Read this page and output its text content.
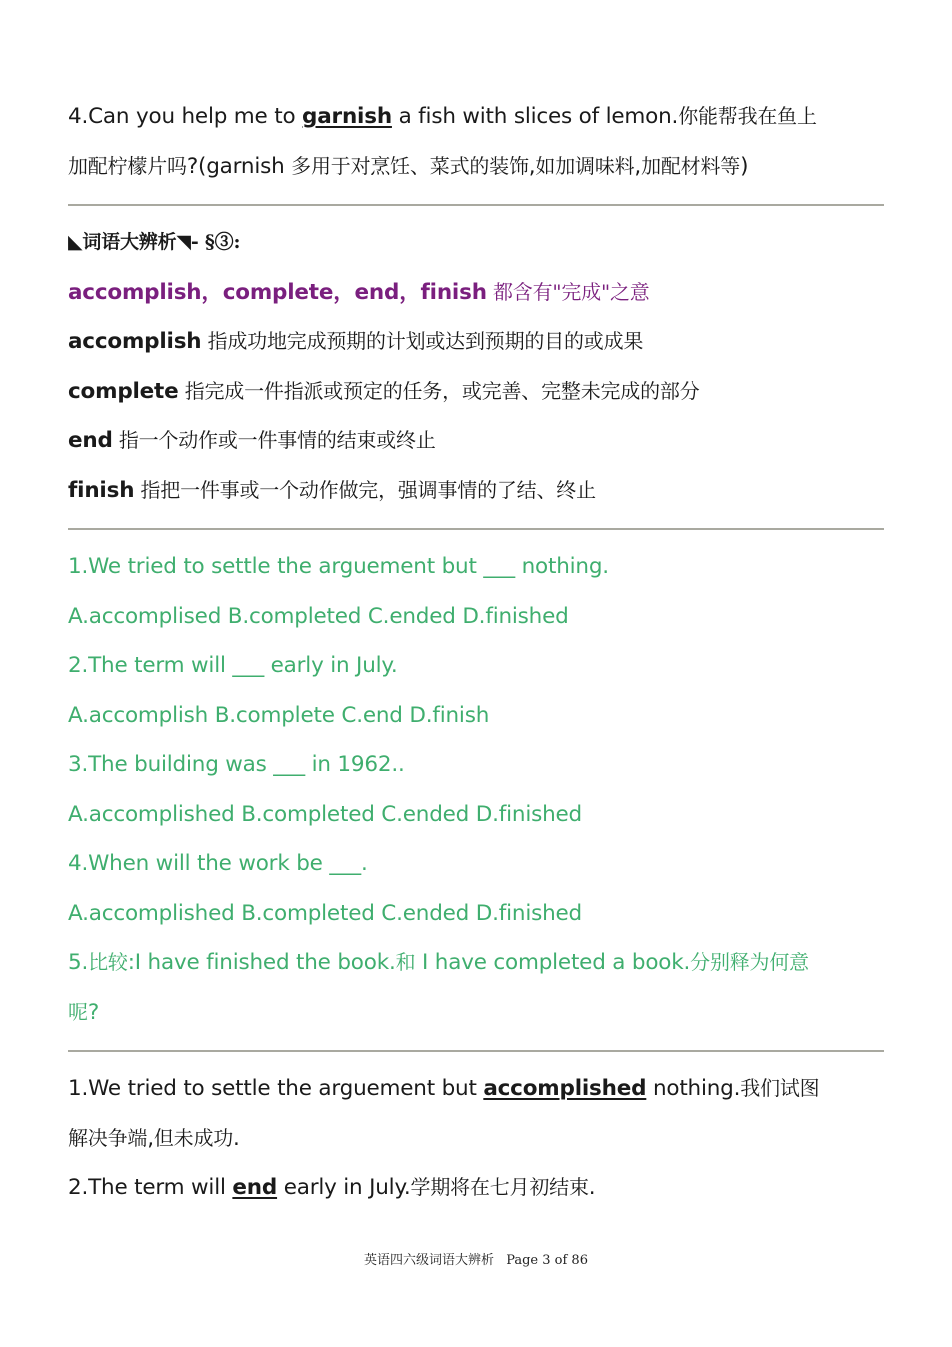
4.Can you help me to garnish a fish with slices of lemon.你能帮我在鱼上
加配柠檬片吗?(garnish 多用于对烹饪、菜式的装饰,如加调味料,加配材料等)
◣词语大辨析◥- §③:
accomplish，complete，end，finish 都含有"完成"之意
accomplish 指成功地完成预期的计划或达到预期的目的或成果
complete 指完成一件指派或预定的任务，或完善、完整未完成的部分
end 指一个动作或一件事情的结束或终止
finish 指把一件事或一个动作做完，强调事情的了结、终止
1.We tried to settle the arguement but ___ nothing.
A.accomplised B.completed C.ended D.finished
2.The term will ___ early in July.
A.accomplish B.complete C.end D.finish
3.The building was ___ in 1962..
A.accomplished B.completed C.ended D.finished
4.When will the work be ___.
A.accomplished B.completed C.ended D.finished
5.比较:I have finished the book.和 I have completed a book.分别释为何意
呢?
1.We tried to settle the arguement but accomplished nothing.我们试图
解决争端,但未成功.
2.The term will end early in July.学期将在七月初结束.
英语四六级词语大辨析 Page 3 of 86
